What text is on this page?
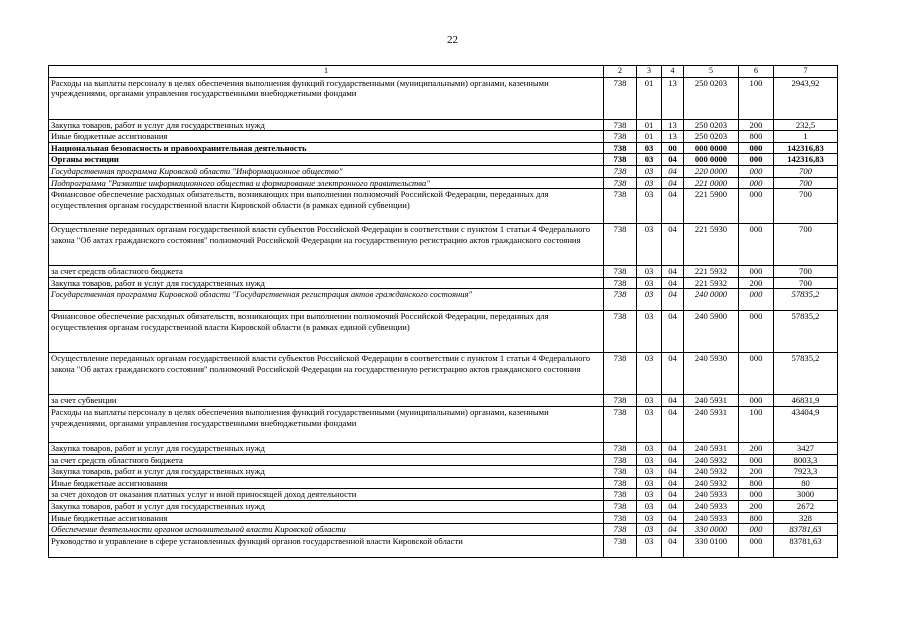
22
1	2	3	4	5	6	7
Расходы на выплаты персоналу в целях обеспечения выполнения функций государственными (муниципальными) органами, казенными учреждениями, органами управления государственными внебюджетными фондами	738	01	13	250 0203	100	2943,92
Закупка товаров, работ и услуг для государственных нужд	738	01	13	250 0203	200	232,5
Иные бюджетные ассигнования	738	01	13	250 0203	800	1
Национальная безопасность и правоохранительная деятельность	738	03	00	000 0000	000	142316,83
Органы юстиции	738	03	04	000 0000	000	142316,83
Государственная программа Кировской области "Информационное общество"	738	03	04	220 0000	000	700
Подпрограмма "Развитие информационного общества и формирование электронного правительства"	738	03	04	221 0000	000	700
Финансовое обеспечение расходных обязательств, возникающих при выполнении полномочий Российской Федерации, переданных для осуществления органам государственной власти Кировской области (в рамках единой субвенции)	738	03	04	221 5900	000	700
Осуществление переданных органам государственной власти субъектов Российской Федерации в соответствии с пунктом 1 статьи 4 Федерального закона "Об актах гражданского состояния" полномочий Российской Федерации на государственную регистрацию актов гражданского состояния	738	03	04	221 5930	000	700
за счет средств областного бюджета	738	03	04	221 5932	000	700
Закупка товаров, работ и услуг для государственных нужд	738	03	04	221 5932	200	700
Государственная программа Кировской области "Государственная регистрация актов гражданского состояния"	738	03	04	240 0000	000	57835,2
Финансовое обеспечение расходных обязательств, возникающих при выполнении полномочий Российской Федерации, переданных для осуществления органам государственной власти Кировской области (в рамках единой субвенции)	738	03	04	240 5900	000	57835,2
Осуществление переданных органам государственной власти субъектов Российской Федерации в соответствии с пунктом 1 статьи 4 Федерального закона "Об актах гражданского состояния" полномочий Российской Федерации на государственную регистрацию актов гражданского состояния	738	03	04	240 5930	000	57835,2
за счет субвенции	738	03	04	240 5931	000	46831,9
Расходы на выплаты персоналу в целях обеспечения выполнения функций государственными (муниципальными) органами, казенными учреждениями, органами управления государственными внебюджетными фондами	738	03	04	240 5931	100	43404,9
Закупка товаров, работ и услуг для государственных нужд	738	03	04	240 5931	200	3427
за счет средств областного бюджета	738	03	04	240 5932	000	8003,3
Закупка товаров, работ и услуг для государственных нужд	738	03	04	240 5932	200	7923,3
Иные бюджетные ассигнования	738	03	04	240 5932	800	80
за счет доходов от оказания платных услуг и иной приносящей доход деятельности	738	03	04	240 5933	000	3000
Закупка товаров, работ и услуг для государственных нужд	738	03	04	240 5933	200	2672
Иные бюджетные ассигнования	738	03	04	240 5933	800	328
Обеспечение деятельности органов исполнительной власти Кировской области	738	03	04	330 0000	000	83781,63
Руководство и управление в сфере установленных функций органов государственной власти Кировской области	738	03	04	330 0100	000	83781,63
